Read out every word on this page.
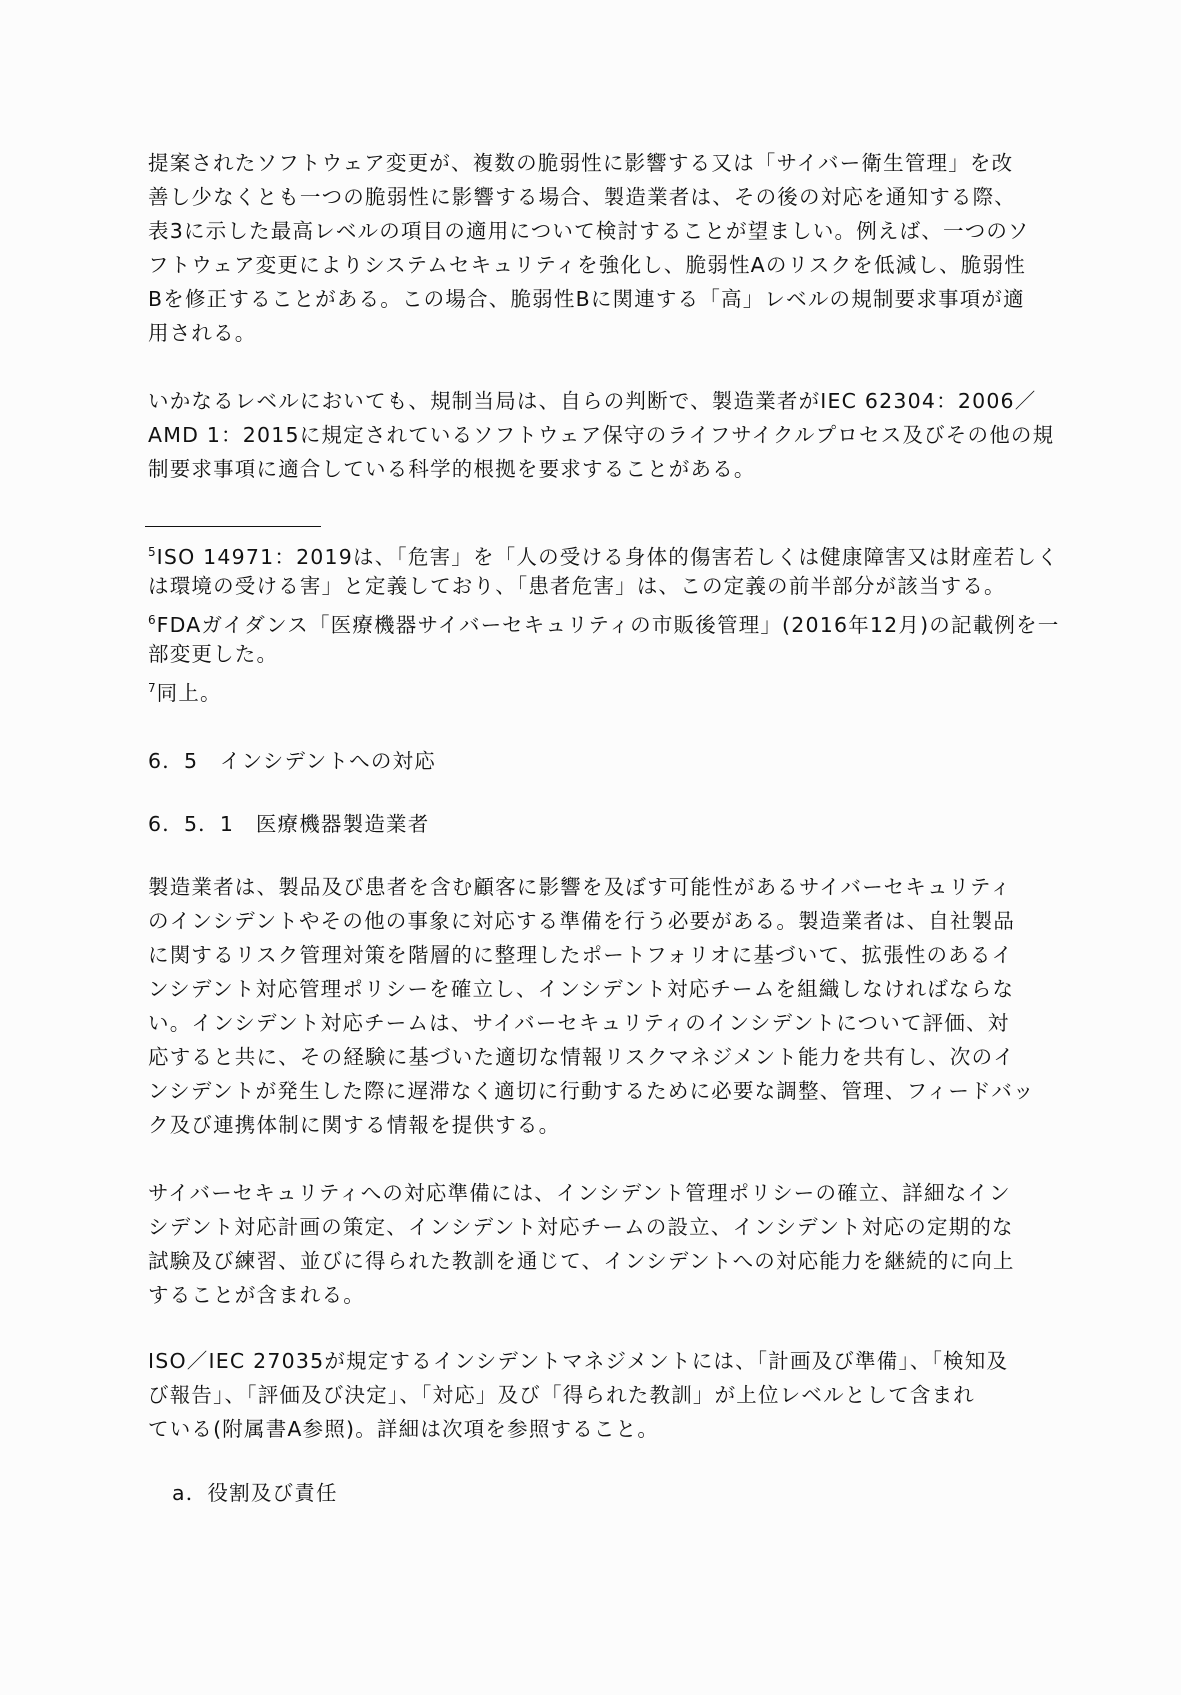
提案されたソフトウェア変更が、複数の脆弱性に影響する又は「サイバー衛生管理」を改
善し少なくとも一つの脆弱性に影響する場合、製造業者は、その後の対応を通知する際、
表3に示した最高レベルの項目の適用について検討することが望ましい。例えば、一つのソ
フトウェア変更によりシステムセキュリティを強化し、脆弱性Aのリスクを低減し、脆弱性
Bを修正することがある。この場合、脆弱性Bに関連する「高」レベルの規制要求事項が適
用される。
いかなるレベルにおいても、規制当局は、自らの判断で、製造業者がIEC 62304：2006／
AMD 1：2015に規定されているソフトウェア保守のライフサイクルプロセス及びその他の規
制要求事項に適合している科学的根拠を要求することがある。
$^5$ISO 14971：2019は、「危害」を「人の受ける身体的傷害若しくは健康障害又は財産若しく
は環境の受ける害」と定義しており、「患者危害」は、この定義の前半部分が該当する。
$^6$FDAガイダンス「医療機器サイバーセキュリティの市販後管理」(2016年12月)の記載例を一
部変更した。
$^7$同上。
6．5　インシデントへの対応
6．5．1　医療機器製造業者
製造業者は、製品及び患者を含む顧客に影響を及ぼす可能性があるサイバーセキュリティ
のインシデントやその他の事象に対応する準備を行う必要がある。製造業者は、自社製品
に関するリスク管理対策を階層的に整理したポートフォリオに基づいて、拡張性のあるイ
ンシデント対応管理ポリシーを確立し、インシデント対応チームを組織しなければならな
い。インシデント対応チームは、サイバーセキュリティのインシデントについて評価、対
応すると共に、その経験に基づいた適切な情報リスクマネジメント能力を共有し、次のイ
ンシデントが発生した際に遅滞なく適切に行動するために必要な調整、管理、フィードバッ
ク及び連携体制に関する情報を提供する。
サイバーセキュリティへの対応準備には、インシデント管理ポリシーの確立、詳細なイン
シデント対応計画の策定、インシデント対応チームの設立、インシデント対応の定期的な
試験及び練習、並びに得られた教訓を通じて、インシデントへの対応能力を継続的に向上
することが含まれる。
ISO／IEC 27035が規定するインシデントマネジメントには、「計画及び準備」、「検知及
び報告」、「評価及び決定」、「対応」及び「得られた教訓」が上位レベルとして含まれ
ている(附属書A参照)。詳細は次項を参照すること。
a．役割及び責任
